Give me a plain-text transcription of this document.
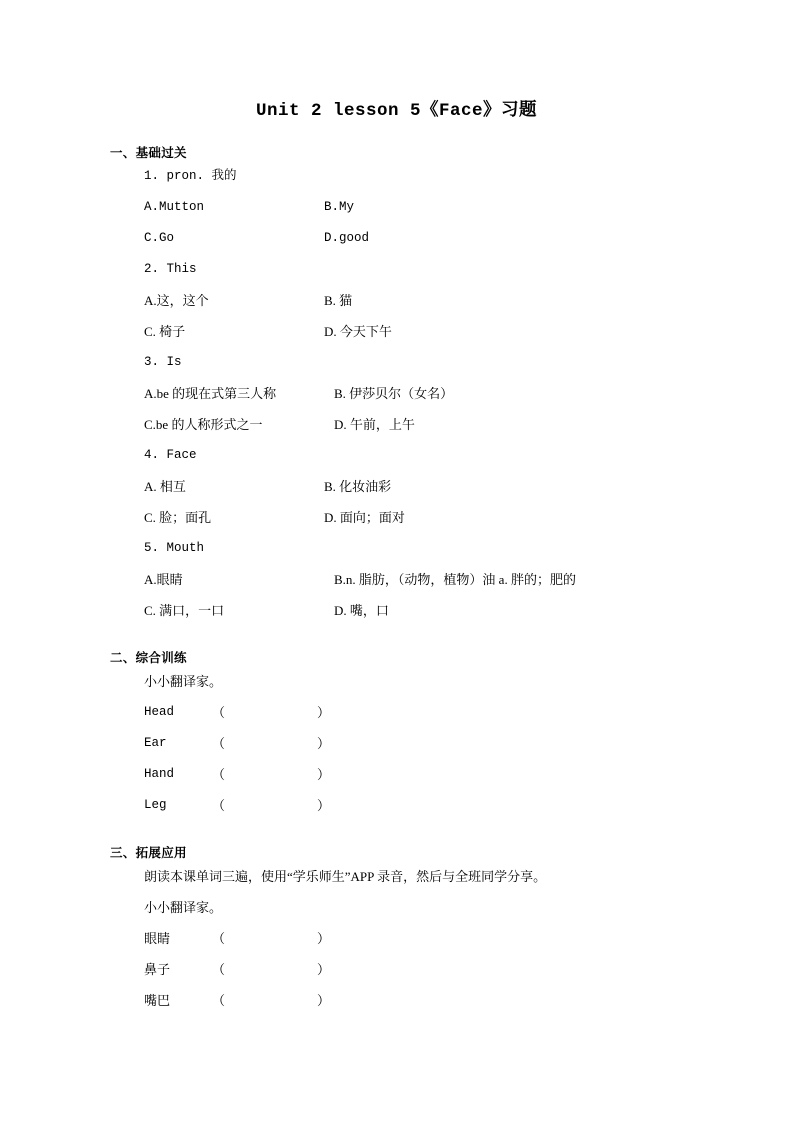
Unit 2 lesson 5《Face》习题
一、基础过关
1. pron. 我的
A.Mutton	B.My
C.Go	D.good
2. This
A.这，这个	B. 猫
C. 椅子	D. 今天下午
3. Is
A.be 的现在式第三人称	B. 伊莎贝尔（女名）
C.be 的人称形式之一	D. 午前，上午
4. Face
A. 相互	B. 化妆油彩
C. 脸；面孔	D. 面向；面对
5. Mouth
A.眼睛	B.n. 脂肪，（动物，植物）油 a. 胖的；肥的
C. 满口，一口	D. 嘴，口
二、综合训练
小小翻译家。
Head	（	）
Ear	（	）
Hand	（	）
Leg	（	）
三、拓展应用
朗读本课单词三遍，使用“学乐师生”APP 录音，然后与全班同学分享。
小小翻译家。
眼睛	（	）
鼻子	（	）
嘴巴	（	）
